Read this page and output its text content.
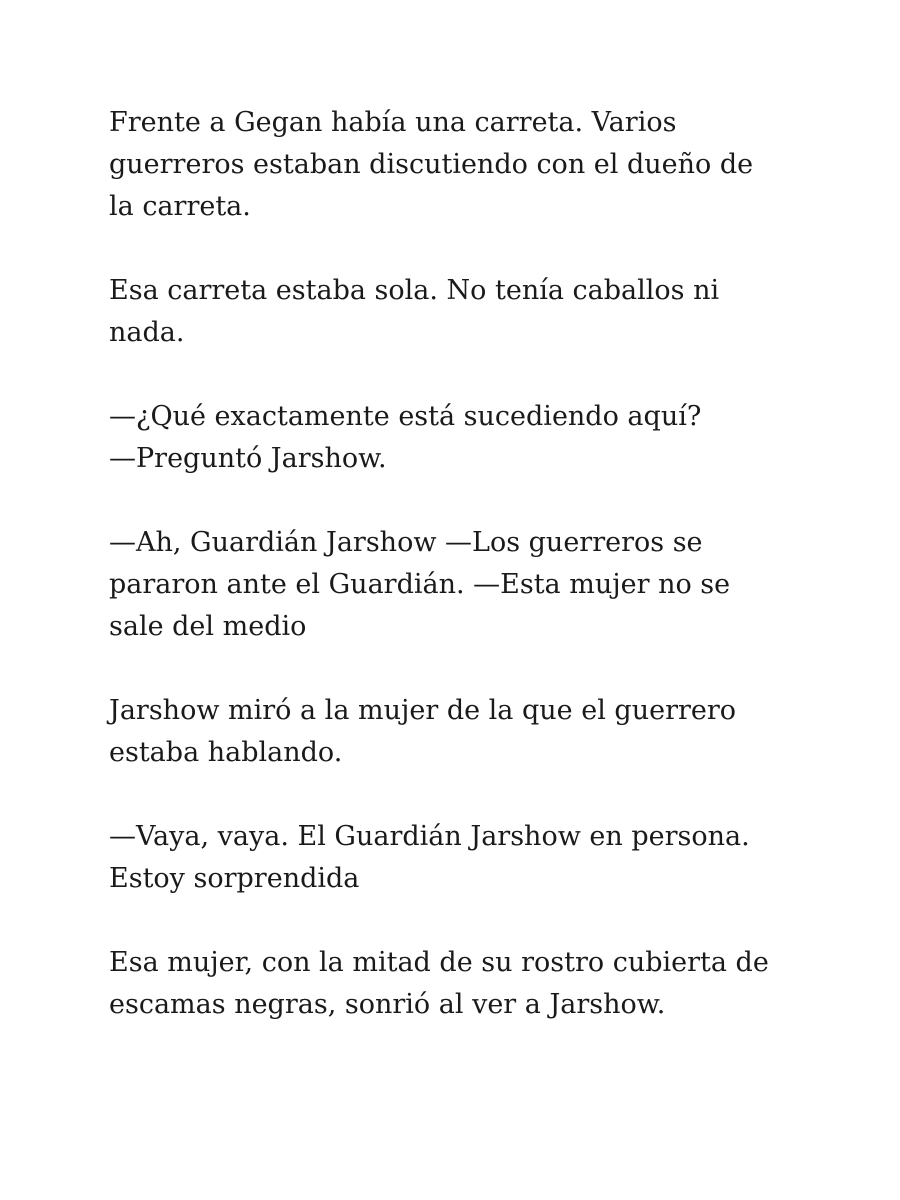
Frente a Gegan había una carreta. Varios
guerreros estaban discutiendo con el dueño de
la carreta.

Esa carreta estaba sola. No tenía caballos ni
nada.

—¿Qué exactamente está sucediendo aquí?
—Preguntó Jarshow.

—Ah, Guardián Jarshow —Los guerreros se
pararon ante el Guardián. —Esta mujer no se
sale del medio

Jarshow miró a la mujer de la que el guerrero
estaba hablando.

—Vaya, vaya. El Guardián Jarshow en persona.
Estoy sorprendida

Esa mujer, con la mitad de su rostro cubierta de
escamas negras, sonrió al ver a Jarshow.
